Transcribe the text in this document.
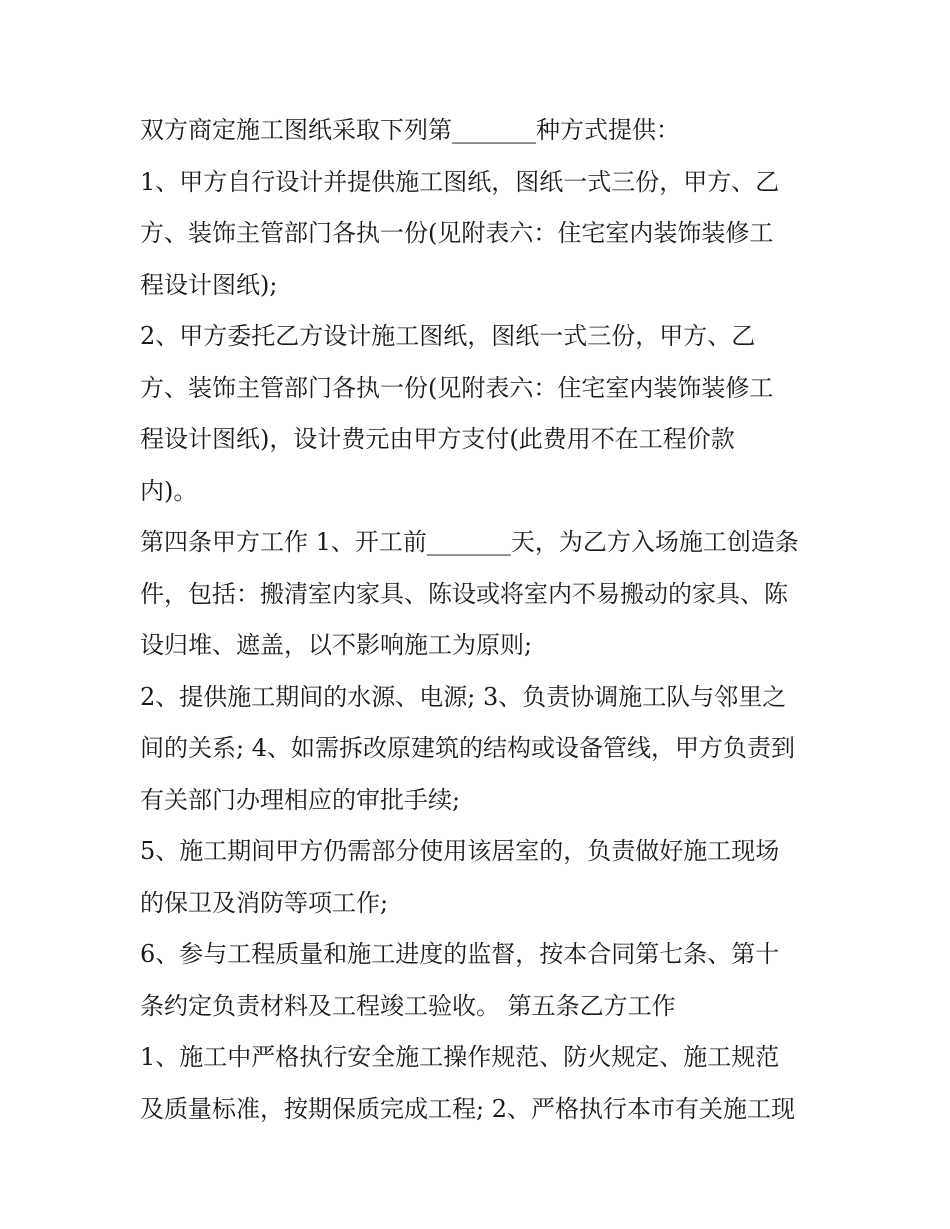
双方商定施工图纸采取下列第_______种方式提供：
1、甲方自行设计并提供施工图纸，图纸一式三份，甲方、乙
方、装饰主管部门各执一份(见附表六：住宅室内装饰装修工
程设计图纸);
2、甲方委托乙方设计施工图纸，图纸一式三份，甲方、乙
方、装饰主管部门各执一份(见附表六：住宅室内装饰装修工
程设计图纸)，设计费元由甲方支付(此费用不在工程价款
内)。
第四条甲方工作 1、开工前_______天，为乙方入场施工创造条
件，包括：搬清室内家具、陈设或将室内不易搬动的家具、陈
设归堆、遮盖，以不影响施工为原则;
2、提供施工期间的水源、电源; 3、负责协调施工队与邻里之
间的关系; 4、如需拆改原建筑的结构或设备管线，甲方负责到
有关部门办理相应的审批手续;
5、施工期间甲方仍需部分使用该居室的，负责做好施工现场
的保卫及消防等项工作;
6、参与工程质量和施工进度的监督，按本合同第七条、第十
条约定负责材料及工程竣工验收。 第五条乙方工作
1、施工中严格执行安全施工操作规范、防火规定、施工规范
及质量标准，按期保质完成工程; 2、严格执行本市有关施工现
